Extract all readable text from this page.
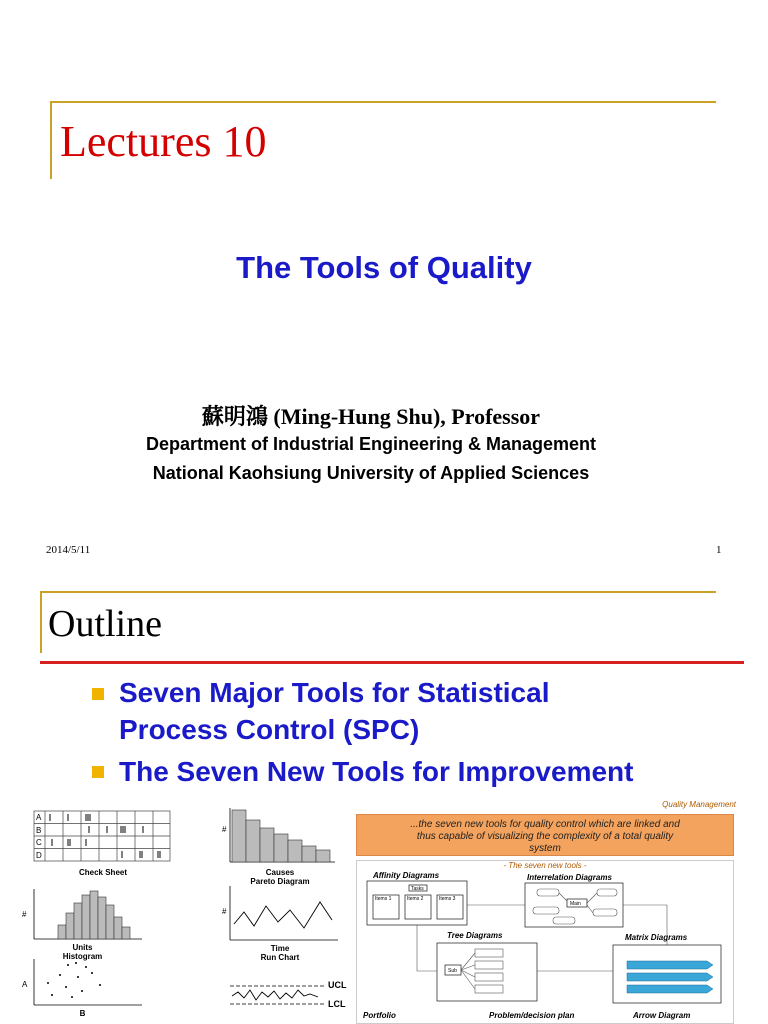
Lectures 10
The Tools of Quality
蘇明鴻 (Ming-Hung Shu), Professor
Department of Industrial Engineering & Management
National Kaohsiung University of Applied Sciences
2014/5/11	1
Outline
Seven Major Tools for Statistical Process Control (SPC)
The Seven New Tools for Improvement
A
B
C
D
Check Sheet
#
Causes
Pareto Diagram
#
Units
Histogram
#
Time
Run Chart
A
B
UCL
LCL
Quality Management
...the seven new tools for quality control which are linked and thus capable of visualizing the complexity of a total quality system
- The seven new tools -
Affinity Diagrams	Interrelation Diagrams
Tasks
Items 1	Items 2	Items 3
Sub
Main
Tree Diagrams	Matrix Diagrams
Portfolio	Problem/decision plan	Arrow Diagram
